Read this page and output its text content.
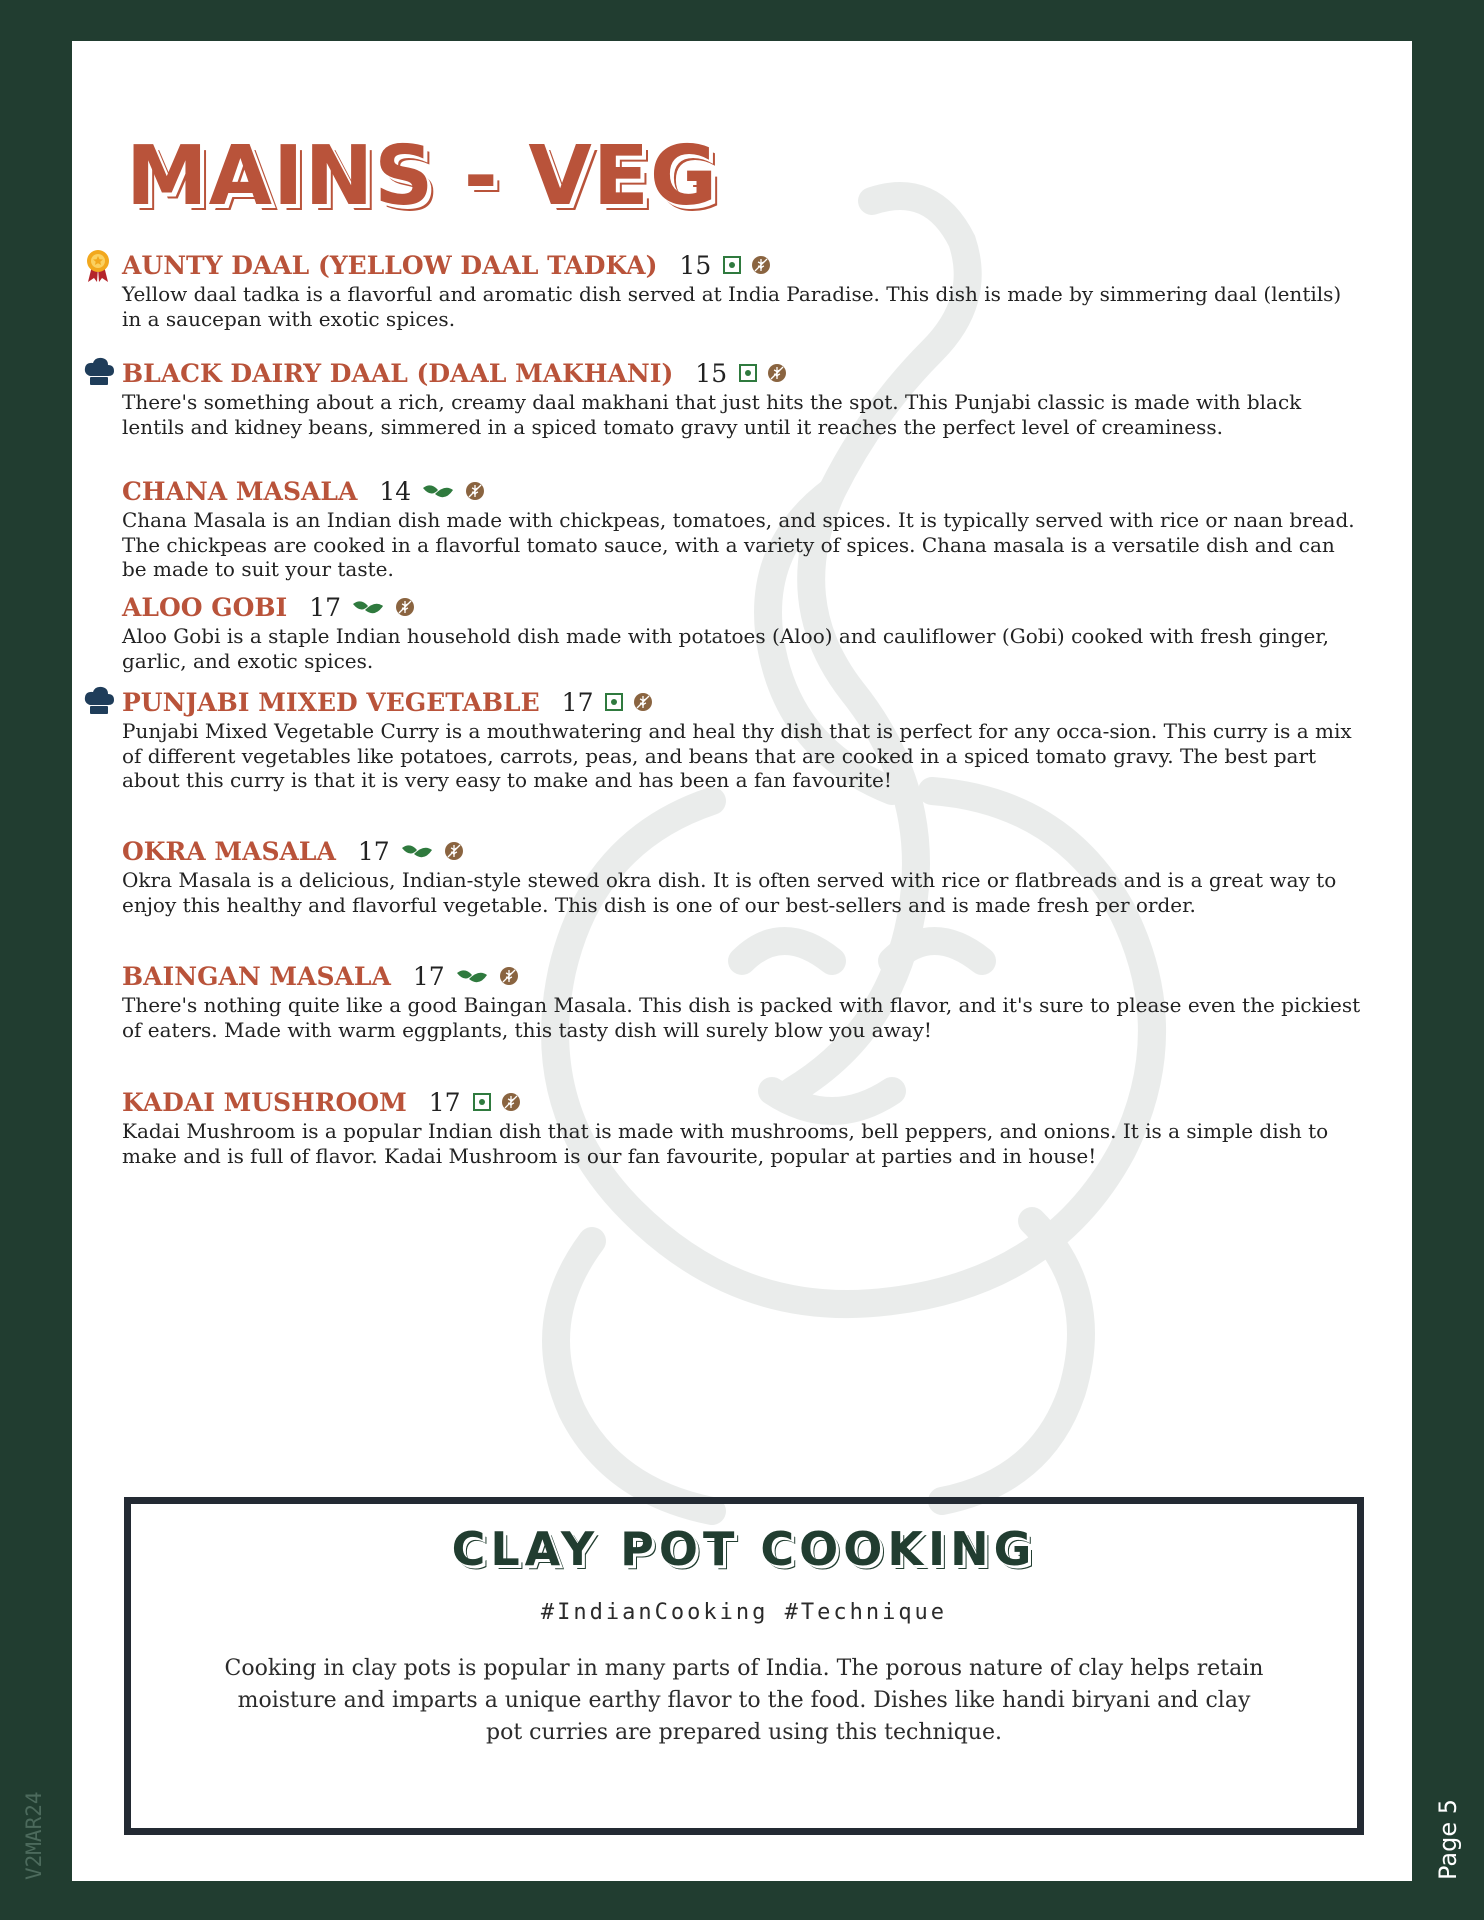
MAINS - VEG
AUNTY DAAL (YELLOW DAAL TADKA) 15
Yellow daal tadka is a flavorful and aromatic dish served at India Paradise. This dish is made by simmering daal (lentils) in a saucepan with exotic spices.
BLACK DAIRY DAAL (DAAL MAKHANI) 15
There's something about a rich, creamy daal makhani that just hits the spot. This Punjabi classic is made with black lentils and kidney beans, simmered in a spiced tomato gravy until it reaches the perfect level of creaminess.
CHANA MASALA 14
Chana Masala is an Indian dish made with chickpeas, tomatoes, and spices. It is typically served with rice or naan bread. The chickpeas are cooked in a flavorful tomato sauce, with a variety of spices. Chana masala is a versatile dish and can be made to suit your taste.
ALOO GOBI 17
Aloo Gobi is a staple Indian household dish made with potatoes (Aloo) and cauliflower (Gobi) cooked with fresh ginger, garlic, and exotic spices.
PUNJABI MIXED VEGETABLE 17
Punjabi Mixed Vegetable Curry is a mouthwatering and heal thy dish that is perfect for any occa-sion. This curry is a mix of different vegetables like potatoes, carrots, peas, and beans that are cooked in a spiced tomato gravy. The best part about this curry is that it is very easy to make and has been a fan favourite!
OKRA MASALA 17
Okra Masala is a delicious, Indian-style stewed okra dish. It is often served with rice or flatbreads and is a great way to enjoy this healthy and flavorful vegetable. This dish is one of our best-sellers and is made fresh per order.
BAINGAN MASALA 17
There's nothing quite like a good Baingan Masala. This dish is packed with flavor, and it's sure to please even the pickiest of eaters. Made with warm eggplants, this tasty dish will surely blow you away!
KADAI MUSHROOM 17
Kadai Mushroom is a popular Indian dish that is made with mushrooms, bell peppers, and onions. It is a simple dish to make and is full of flavor. Kadai Mushroom is our fan favourite, popular at parties and in house!
CLAY POT COOKING
#IndianCooking #Technique
Cooking in clay pots is popular in many parts of India. The porous nature of clay helps retain moisture and imparts a unique earthy flavor to the food. Dishes like handi biryani and clay pot curries are prepared using this technique.
V2MAR24	Page 5
